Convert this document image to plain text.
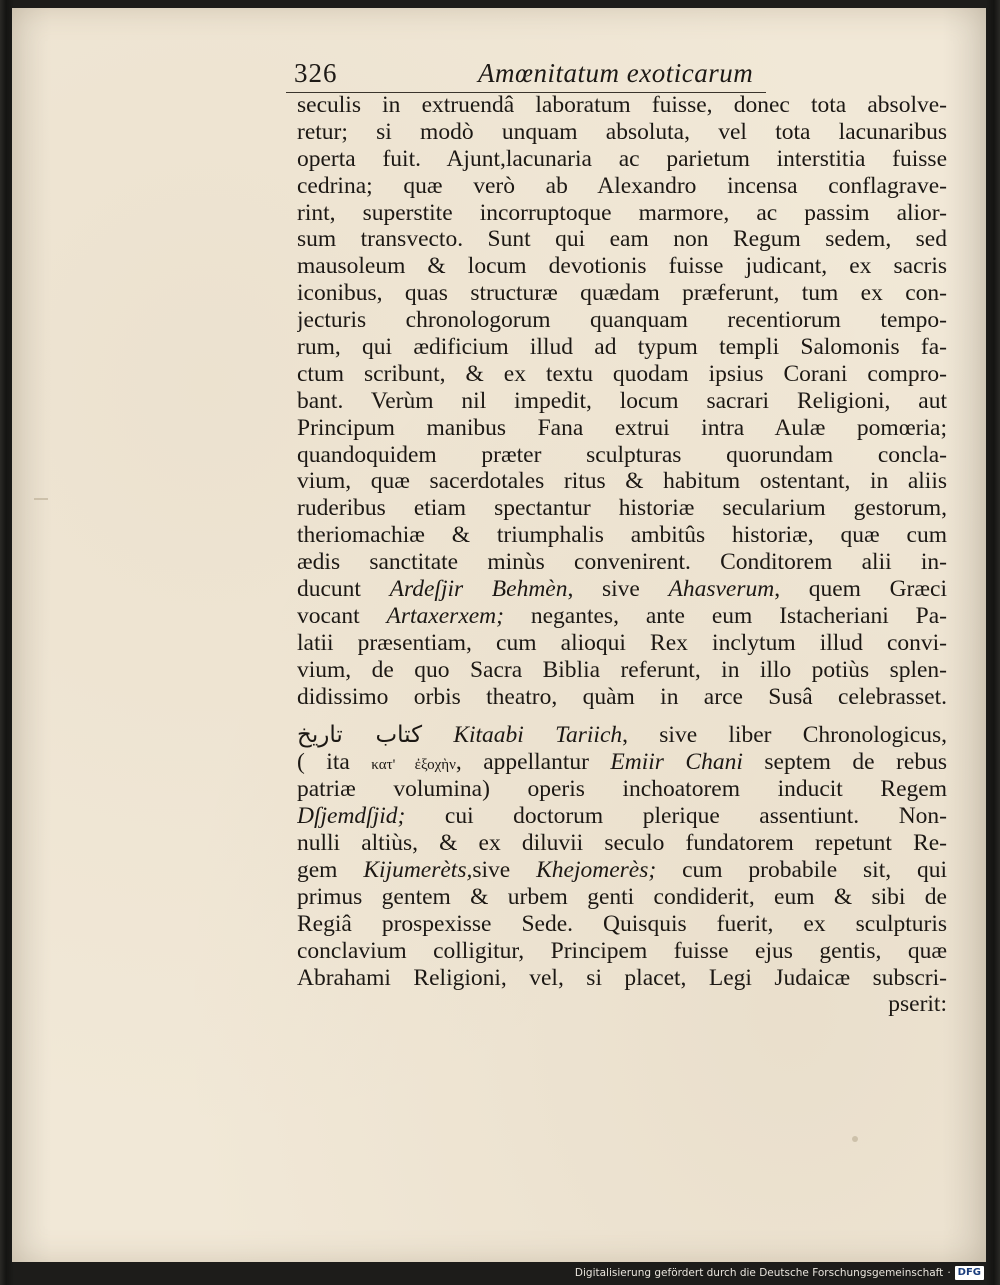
326	Amœnitatum exoticarum
seculis in extruendâ laboratum fuisse, donec tota absolve-
retur; si modò unquam absoluta, vel tota lacunaribus
operta fuit. Ajunt,lacunaria ac parietum interstitia fuisse
cedrina; quæ verò ab Alexandro incensa conflagrave-
rint, superstite incorruptoque marmore, ac passim alior-
sum transvecto. Sunt qui eam non Regum sedem, sed
mausoleum & locum devotionis fuisse judicant, ex sacris
iconibus, quas structuræ quædam præferunt, tum ex con-
jecturis chronologorum quanquam recentiorum tempo-
rum, qui ædificium illud ad typum templi Salomonis fa-
ctum scribunt, & ex textu quodam ipsius Corani compro-
bant. Verùm nil impedit, locum sacrari Religioni, aut
Principum manibus Fana extrui intra Aulæ pomœria;
quandoquidem præter sculpturas quorundam concla-
vium, quæ sacerdotales ritus & habitum ostentant, in aliis
ruderibus etiam spectantur historiæ secularium gestorum,
theriomachiæ & triumphalis ambitûs historiæ, quæ cum
ædis sanctitate minùs convenirent. Conditorem alii in-
ducunt Ardeſjir Behmèn, sive Ahasverum, quem Græci
vocant Artaxerxem; negantes, ante eum Istacheriani Pa-
latii præsentiam, cum alioqui Rex inclytum illud convi-
vium, de quo Sacra Biblia referunt, in illo potiùs splen-
didissimo orbis theatro, quàm in arce Susâ celebrasset.
كتاب تاريخ Kitaabi Tariich, sive liber Chronologicus,
( ita κατ' ἐξοχὴν, appellantur Emiir Chani septem de rebus
patriæ volumina) operis inchoatorem inducit Regem
Dſjemdſjid; cui doctorum plerique assentiunt. Non-
nulli altiùs, & ex diluvii seculo fundatorem repetunt Re-
gem Kijumerèts,sive Khejomerès; cum probabile sit, qui
primus gentem & urbem genti condiderit, eum & sibi de
Regiâ prospexisse Sede. Quisquis fuerit, ex sculpturis
conclavium colligitur, Principem fuisse ejus gentis, quæ
Abrahami Religioni, vel, si placet, Legi Judaicæ subscri-
pserit:
Digitalisierung gefördert durch die Deutsche Forschungsgemeinschaft · DFG
